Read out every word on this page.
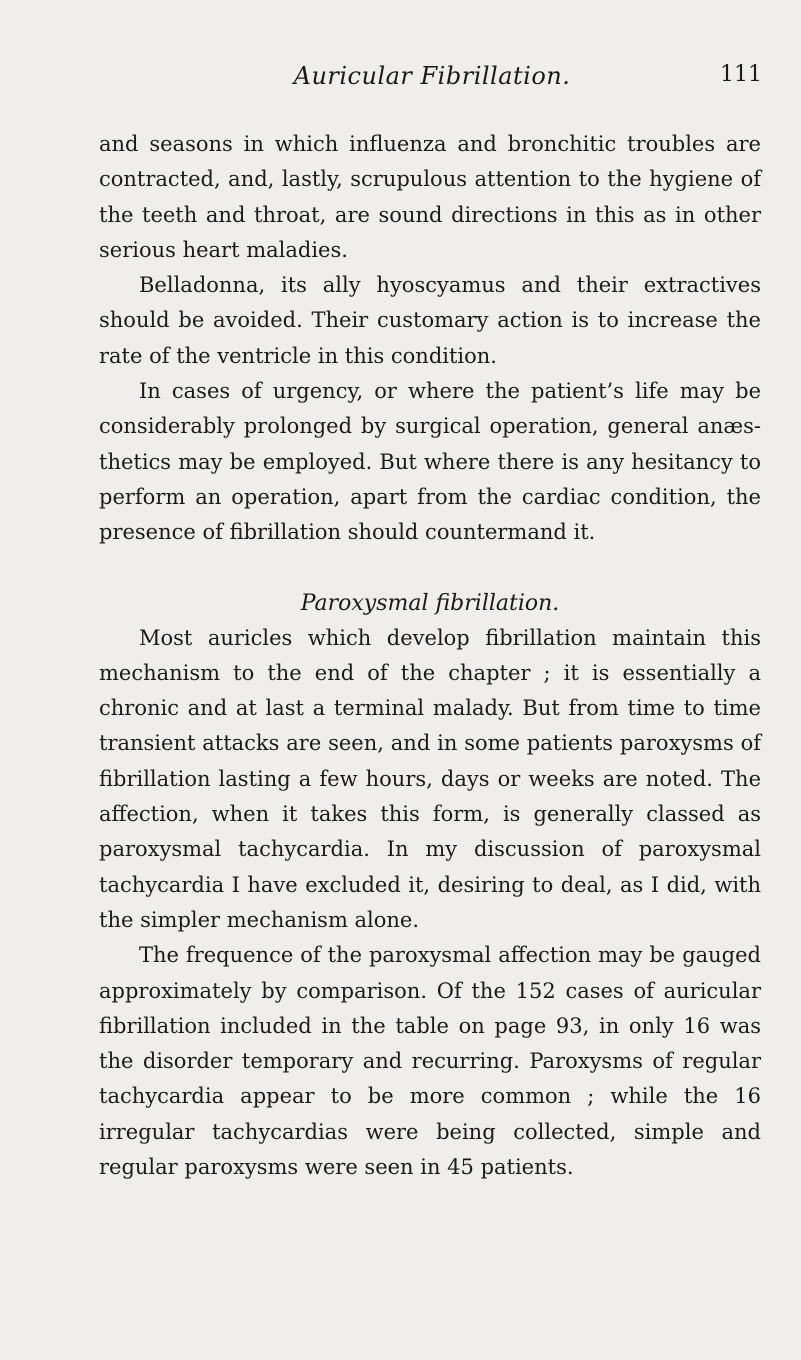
Auricular Fibrillation.	111

and seasons in which influenza and bronchitic troubles are contracted, and, lastly, scrupulous attention to the hygiene of the teeth and throat, are sound directions in this as in other serious heart maladies.

Belladonna, its ally hyoscyamus and their extractives should be avoided. Their customary action is to increase the rate of the ventricle in this condition.

In cases of urgency, or where the patient’s life may be considerably prolonged by surgical operation, general anæs- thetics may be employed. But where there is any hesitancy to perform an operation, apart from the cardiac condition, the presence of fibrillation should countermand it.

Paroxysmal fibrillation.

Most auricles which develop fibrillation maintain this mechanism to the end of the chapter ; it is essentially a chronic and at last a terminal malady. But from time to time transient attacks are seen, and in some patients paroxysms of fibrillation lasting a few hours, days or weeks are noted. The affection, when it takes this form, is generally classed as paroxysmal tachycardia. In my discussion of paroxysmal tachycardia I have excluded it, desiring to deal, as I did, with the simpler mechanism alone.

The frequence of the paroxysmal affection may be gauged approximately by comparison. Of the 152 cases of auricular fibrillation included in the table on page 93, in only 16 was the disorder temporary and recurring. Paroxysms of regular tachycardia appear to be more common ; while the 16 irregular tachycardias were being collected, simple and regular paroxysms were seen in 45 patients.
